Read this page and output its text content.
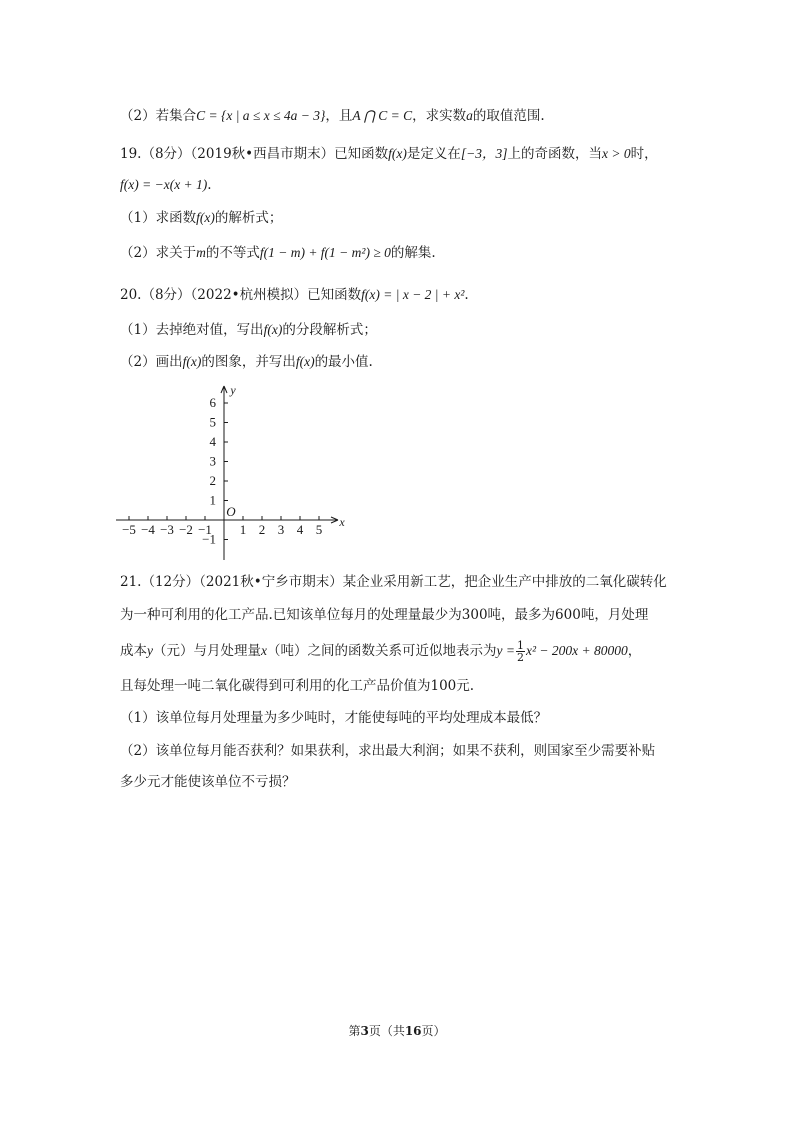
（2）若集合C = {x | a ≤ x ≤ 4a − 3}，且A ⋂ C = C，求实数a的取值范围.
19.（8分）（2019秋•西昌市期末）已知函数f(x)是定义在[−3，3]上的奇函数，当x > 0时，
f(x) = −x(x + 1).
（1）求函数f(x)的解析式；
（2）求关于m的不等式f(1 − m) + f(1 − m²) ≥ 0的解集.
20.（8分）（2022•杭州模拟）已知函数f(x) = | x − 2 | + x².
（1）去掉绝对值，写出f(x)的分段解析式；
（2）画出f(x)的图象，并写出f(x)的最小值.
−5 −4 −3 −2 −1 1 2 3 4 5
6
5
4
3
2
1
−1
y
x
O
21.（12分）（2021秋•宁乡市期末）某企业采用新工艺，把企业生产中排放的二氧化碳转化
为一种可利用的化工产品.已知该单位每月的处理量最少为300吨，最多为600吨，月处理
成本y（元）与月处理量x（吨）之间的函数关系可近似地表示为$y = \frac{1}{2} x^2 - 200x + 80000$，
且每处理一吨二氧化碳得到可利用的化工产品价值为100元.
（1）该单位每月处理量为多少吨时，才能使每吨的平均处理成本最低？
（2）该单位每月能否获利？如果获利，求出最大利润；如果不获利，则国家至少需要补贴
多少元才能使该单位不亏损？
第3页（共16页）
